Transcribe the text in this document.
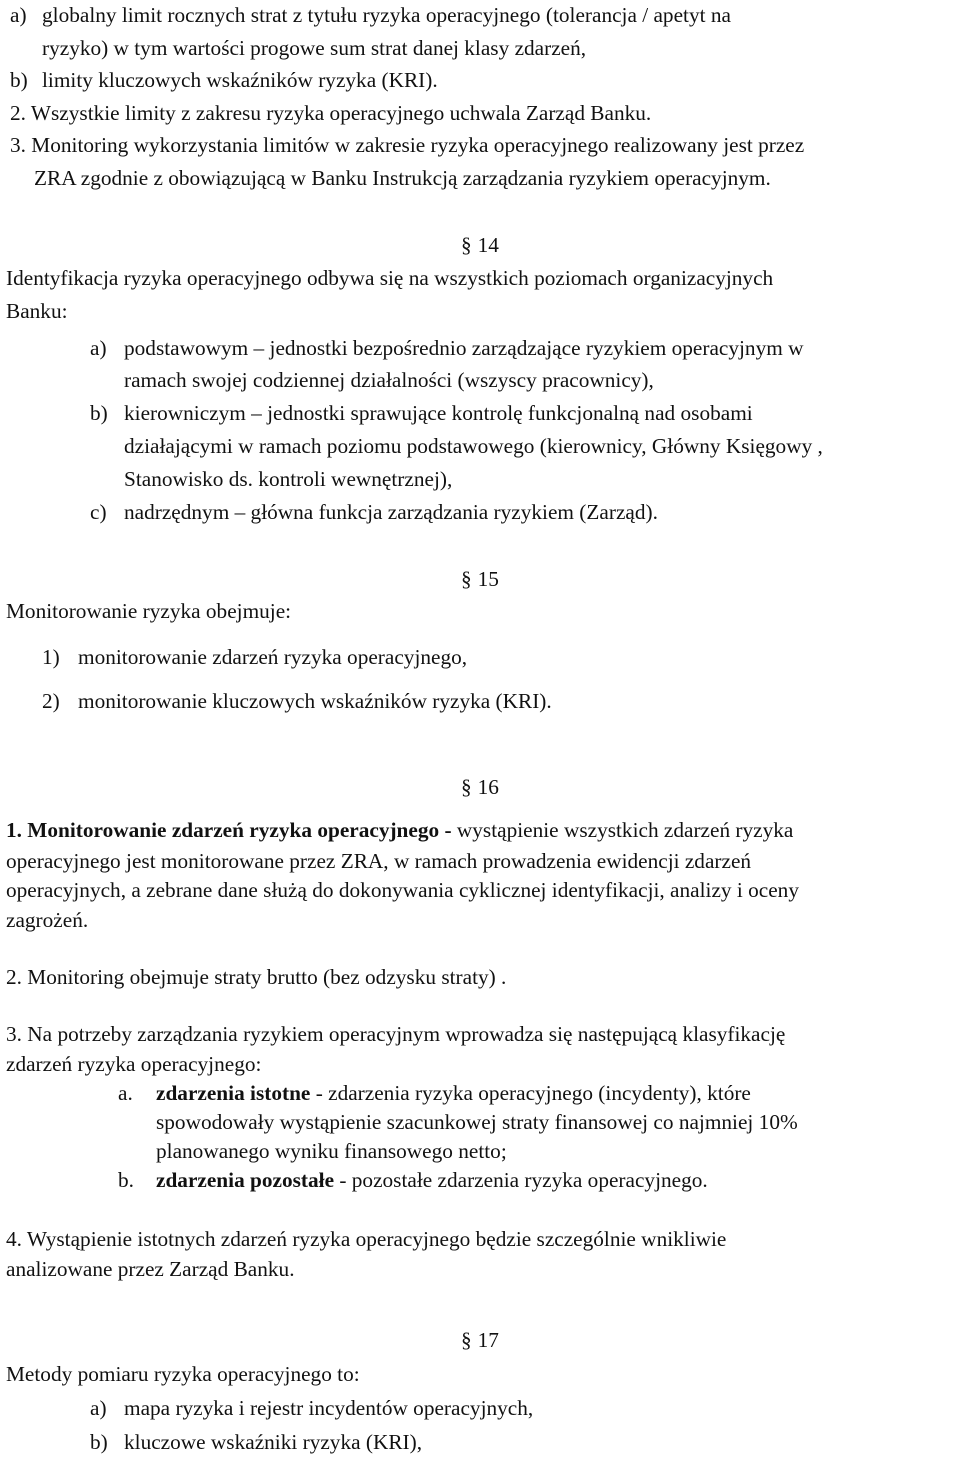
a) globalny limit rocznych strat z tytułu ryzyka operacyjnego (tolerancja / apetyt na
ryzyko) w tym wartości progowe sum strat danej klasy zdarzeń,
b) limity kluczowych wskaźników ryzyka (KRI).
2. Wszystkie limity z zakresu ryzyka operacyjnego uchwala Zarząd Banku.
3. Monitoring wykorzystania limitów w zakresie ryzyka operacyjnego realizowany jest przez
ZRA zgodnie z obowiązującą w Banku Instrukcją zarządzania ryzykiem operacyjnym.
§ 14
Identyfikacja ryzyka operacyjnego odbywa się na wszystkich poziomach organizacyjnych
Banku:
a) podstawowym – jednostki bezpośrednio zarządzające ryzykiem operacyjnym w
ramach swojej codziennej działalności (wszyscy pracownicy),
b) kierowniczym – jednostki sprawujące kontrolę funkcjonalną nad osobami
działającymi w ramach poziomu podstawowego (kierownicy, Główny Księgowy ,
Stanowisko ds. kontroli wewnętrznej),
c) nadrzędnym – główna funkcja zarządzania ryzykiem (Zarząd).
§ 15
Monitorowanie ryzyka obejmuje:
1) monitorowanie zdarzeń ryzyka operacyjnego,
2) monitorowanie kluczowych wskaźników ryzyka (KRI).
§ 16
1. Monitorowanie zdarzeń ryzyka operacyjnego - wystąpienie wszystkich zdarzeń ryzyka
operacyjnego jest monitorowane przez ZRA, w ramach prowadzenia ewidencji zdarzeń
operacyjnych, a zebrane dane służą do dokonywania cyklicznej identyfikacji, analizy i oceny
zagrożeń.
2. Monitoring obejmuje straty brutto (bez odzysku straty) .
3. Na potrzeby zarządzania ryzykiem operacyjnym wprowadza się następującą klasyfikację
zdarzeń ryzyka operacyjnego:
a. zdarzenia istotne - zdarzenia ryzyka operacyjnego (incydenty), które
spowodowały wystąpienie szacunkowej straty finansowej co najmniej 10%
planowanego wyniku finansowego netto;
b. zdarzenia pozostałe - pozostałe zdarzenia ryzyka operacyjnego.
4. Wystąpienie istotnych zdarzeń ryzyka operacyjnego będzie szczególnie wnikliwie
analizowane przez Zarząd Banku.
§ 17
Metody pomiaru ryzyka operacyjnego to:
a) mapa ryzyka i rejestr incydentów operacyjnych,
b) kluczowe wskaźniki ryzyka (KRI),
